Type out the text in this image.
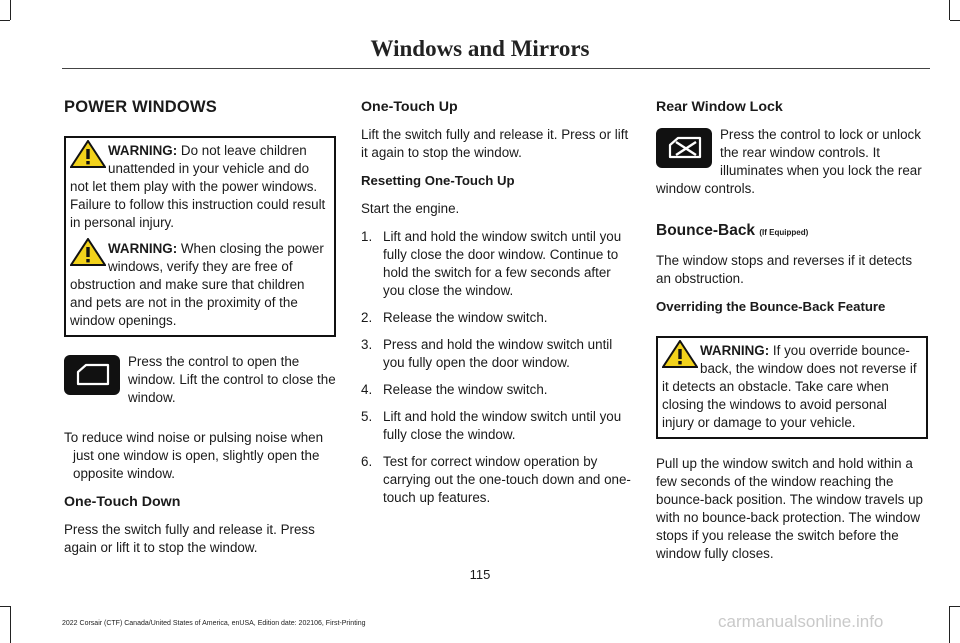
Windows and Mirrors
POWER WINDOWS

WARNING: Do not leave children unattended in your vehicle and do not let them play with the power windows. Failure to follow this instruction could result in personal injury.

WARNING: When closing the power windows, verify they are free of obstruction and make sure that children and pets are not in the proximity of the window openings.

Press the control to open the window. Lift the control to close the window.

To reduce wind noise or pulsing noise when just one window is open, slightly open the opposite window.

One-Touch Down

Press the switch fully and release it. Press again or lift it to stop the window.

One-Touch Up

Lift the switch fully and release it. Press or lift it again to stop the window.

Resetting One-Touch Up

Start the engine.

1. Lift and hold the window switch until you fully close the door window. Continue to hold the switch for a few seconds after you close the window.
2. Release the window switch.
3. Press and hold the window switch until you fully open the door window.
4. Release the window switch.
5. Lift and hold the window switch until you fully close the window.
6. Test for correct window operation by carrying out the one-touch down and one-touch up features.
Rear Window Lock

Press the control to lock or unlock the rear window controls. It illuminates when you lock the rear window controls.

Bounce-Back (If Equipped)

The window stops and reverses if it detects an obstruction.

Overriding the Bounce-Back Feature

WARNING: If you override bounce-back, the window does not reverse if it detects an obstacle. Take care when closing the windows to avoid personal injury or damage to your vehicle.

Pull up the window switch and hold within a few seconds of the window reaching the bounce-back position. The window travels up with no bounce-back protection. The window stops if you release the switch before the window fully closes.

115
2022 Corsair (CTF) Canada/United States of America, enUSA, Edition date: 202106, First-Printing	carmanualsonline.info
